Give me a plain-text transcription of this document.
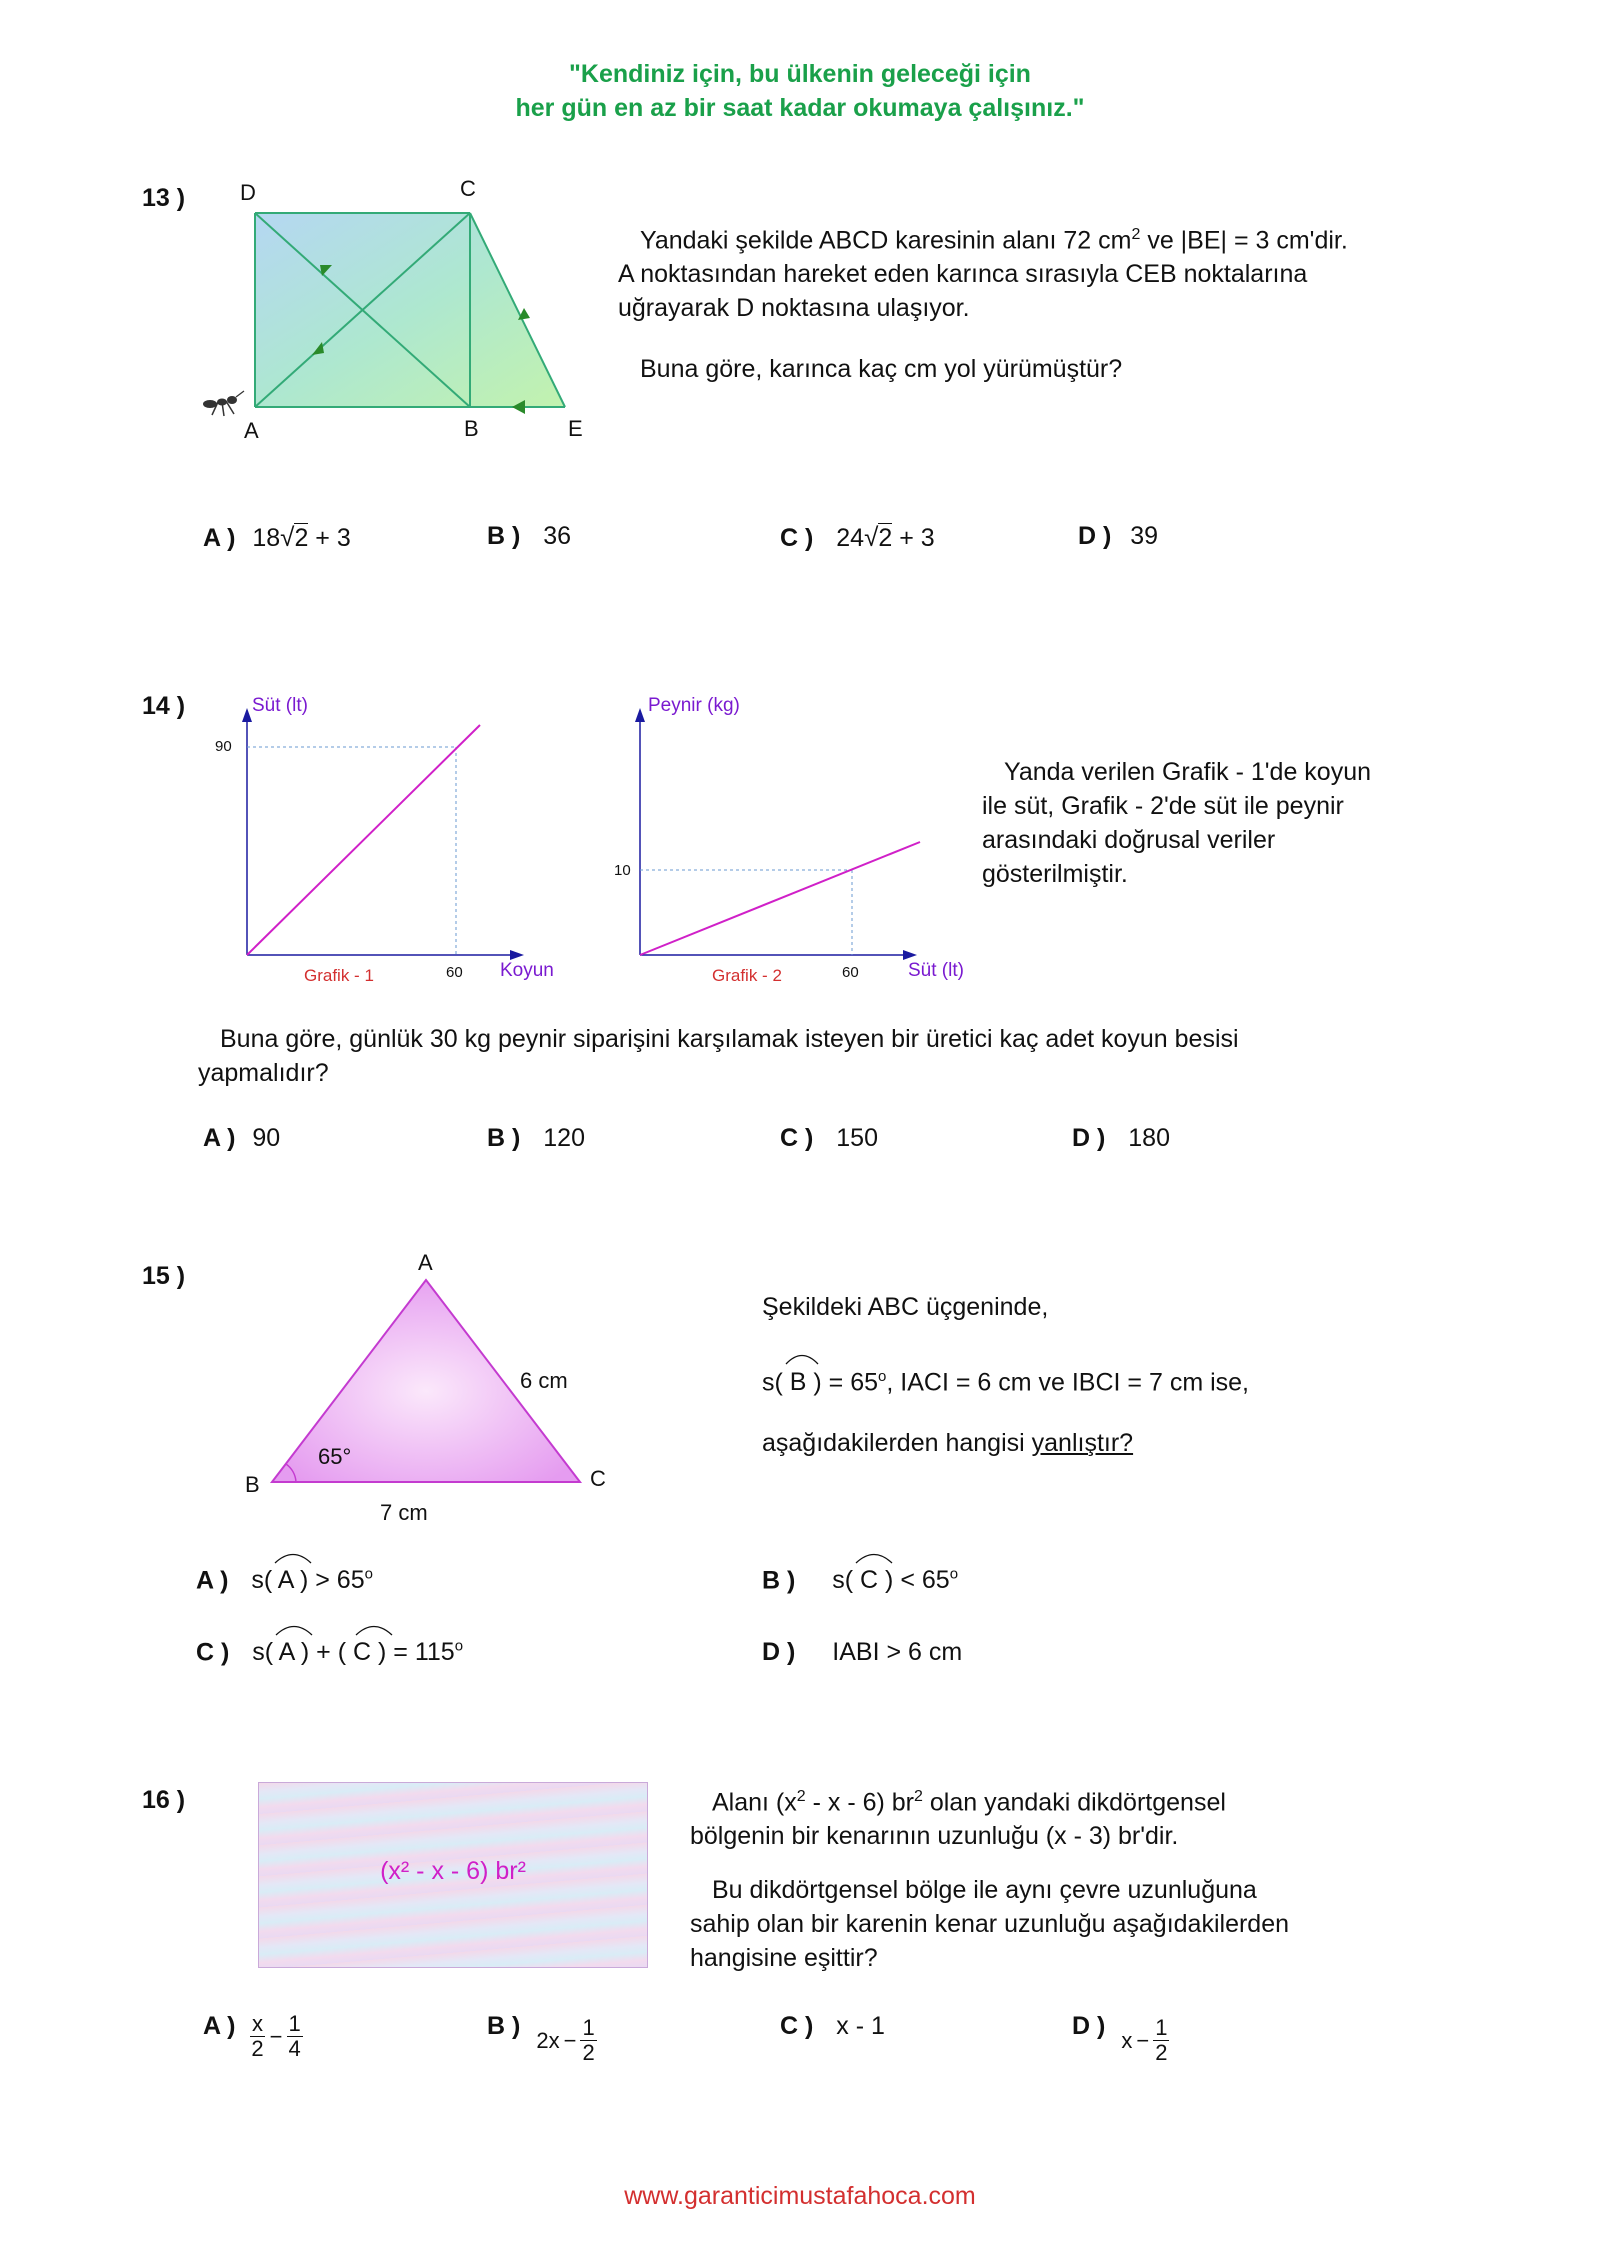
"Kendiniz için, bu ülkenin geleceği için
her gün en az bir saat kadar okumaya çalışınız."
13 ) D	C
A	B	E
Yandaki şekilde ABCD karesinin alanı 72 $cm^2$ ve |BE| = 3 cm'dir.
A noktasından hareket eden karınca sırasıyla CEB noktalarına
uğrayarak D noktasına ulaşıyor.
Buna göre, karınca kaç cm yol yürümüştür?
A ) 18√2 + 3	B ) 36	C ) 24√2 + 3	D ) 39
14 )	Süt (lt)
90
Grafik - 1	60 Koyun
Peynir (kg)
10
Grafik - 2	60	Süt (lt)
Yanda verilen Grafik - 1'de koyun
ile süt, Grafik - 2'de süt ile peynir
arasındaki doğrusal veriler
gösterilmiştir.
Buna göre, günlük 30 kg peynir siparişini karşılamak isteyen bir üretici kaç adet koyun besisi
yapmalıdır?
A ) 90	B ) 120	C ) 150	D ) 180
15 )	A
B	C
6 cm
7 cm
65°
Şekildeki ABC üçgeninde,
s(
B ) = $65^o$, IACI = 6 cm ve IBCI = 7 cm ise,
aşağıdakilerden hangisi yanlıştır?
A ) s( A ) > $65^o$	B ) s( C ) < $65^o$
C ) s( A ) + ( C ) = $115^o$	D ) IABI > 6 cm
16 )
(x² - x - 6) br²
Alanı ($x^2$ - x - 6) $br^2$ olan yandaki dikdörtgensel
bölgenin bir kenarının uzunluğu (x - 3) br'dir.
Bu dikdörtgensel bölge ile aynı çevre uzunluğuna
sahip olan bir karenin kenar uzunluğu aşağıdakilerden
hangisine eşittir?
A ) $\frac{x}{2} - \frac{1}{4}$	B ) $2x - \frac{1}{2}$	C ) x - 1	D ) $x - \frac{1}{2}$
www.garanticimustafahoca.com
